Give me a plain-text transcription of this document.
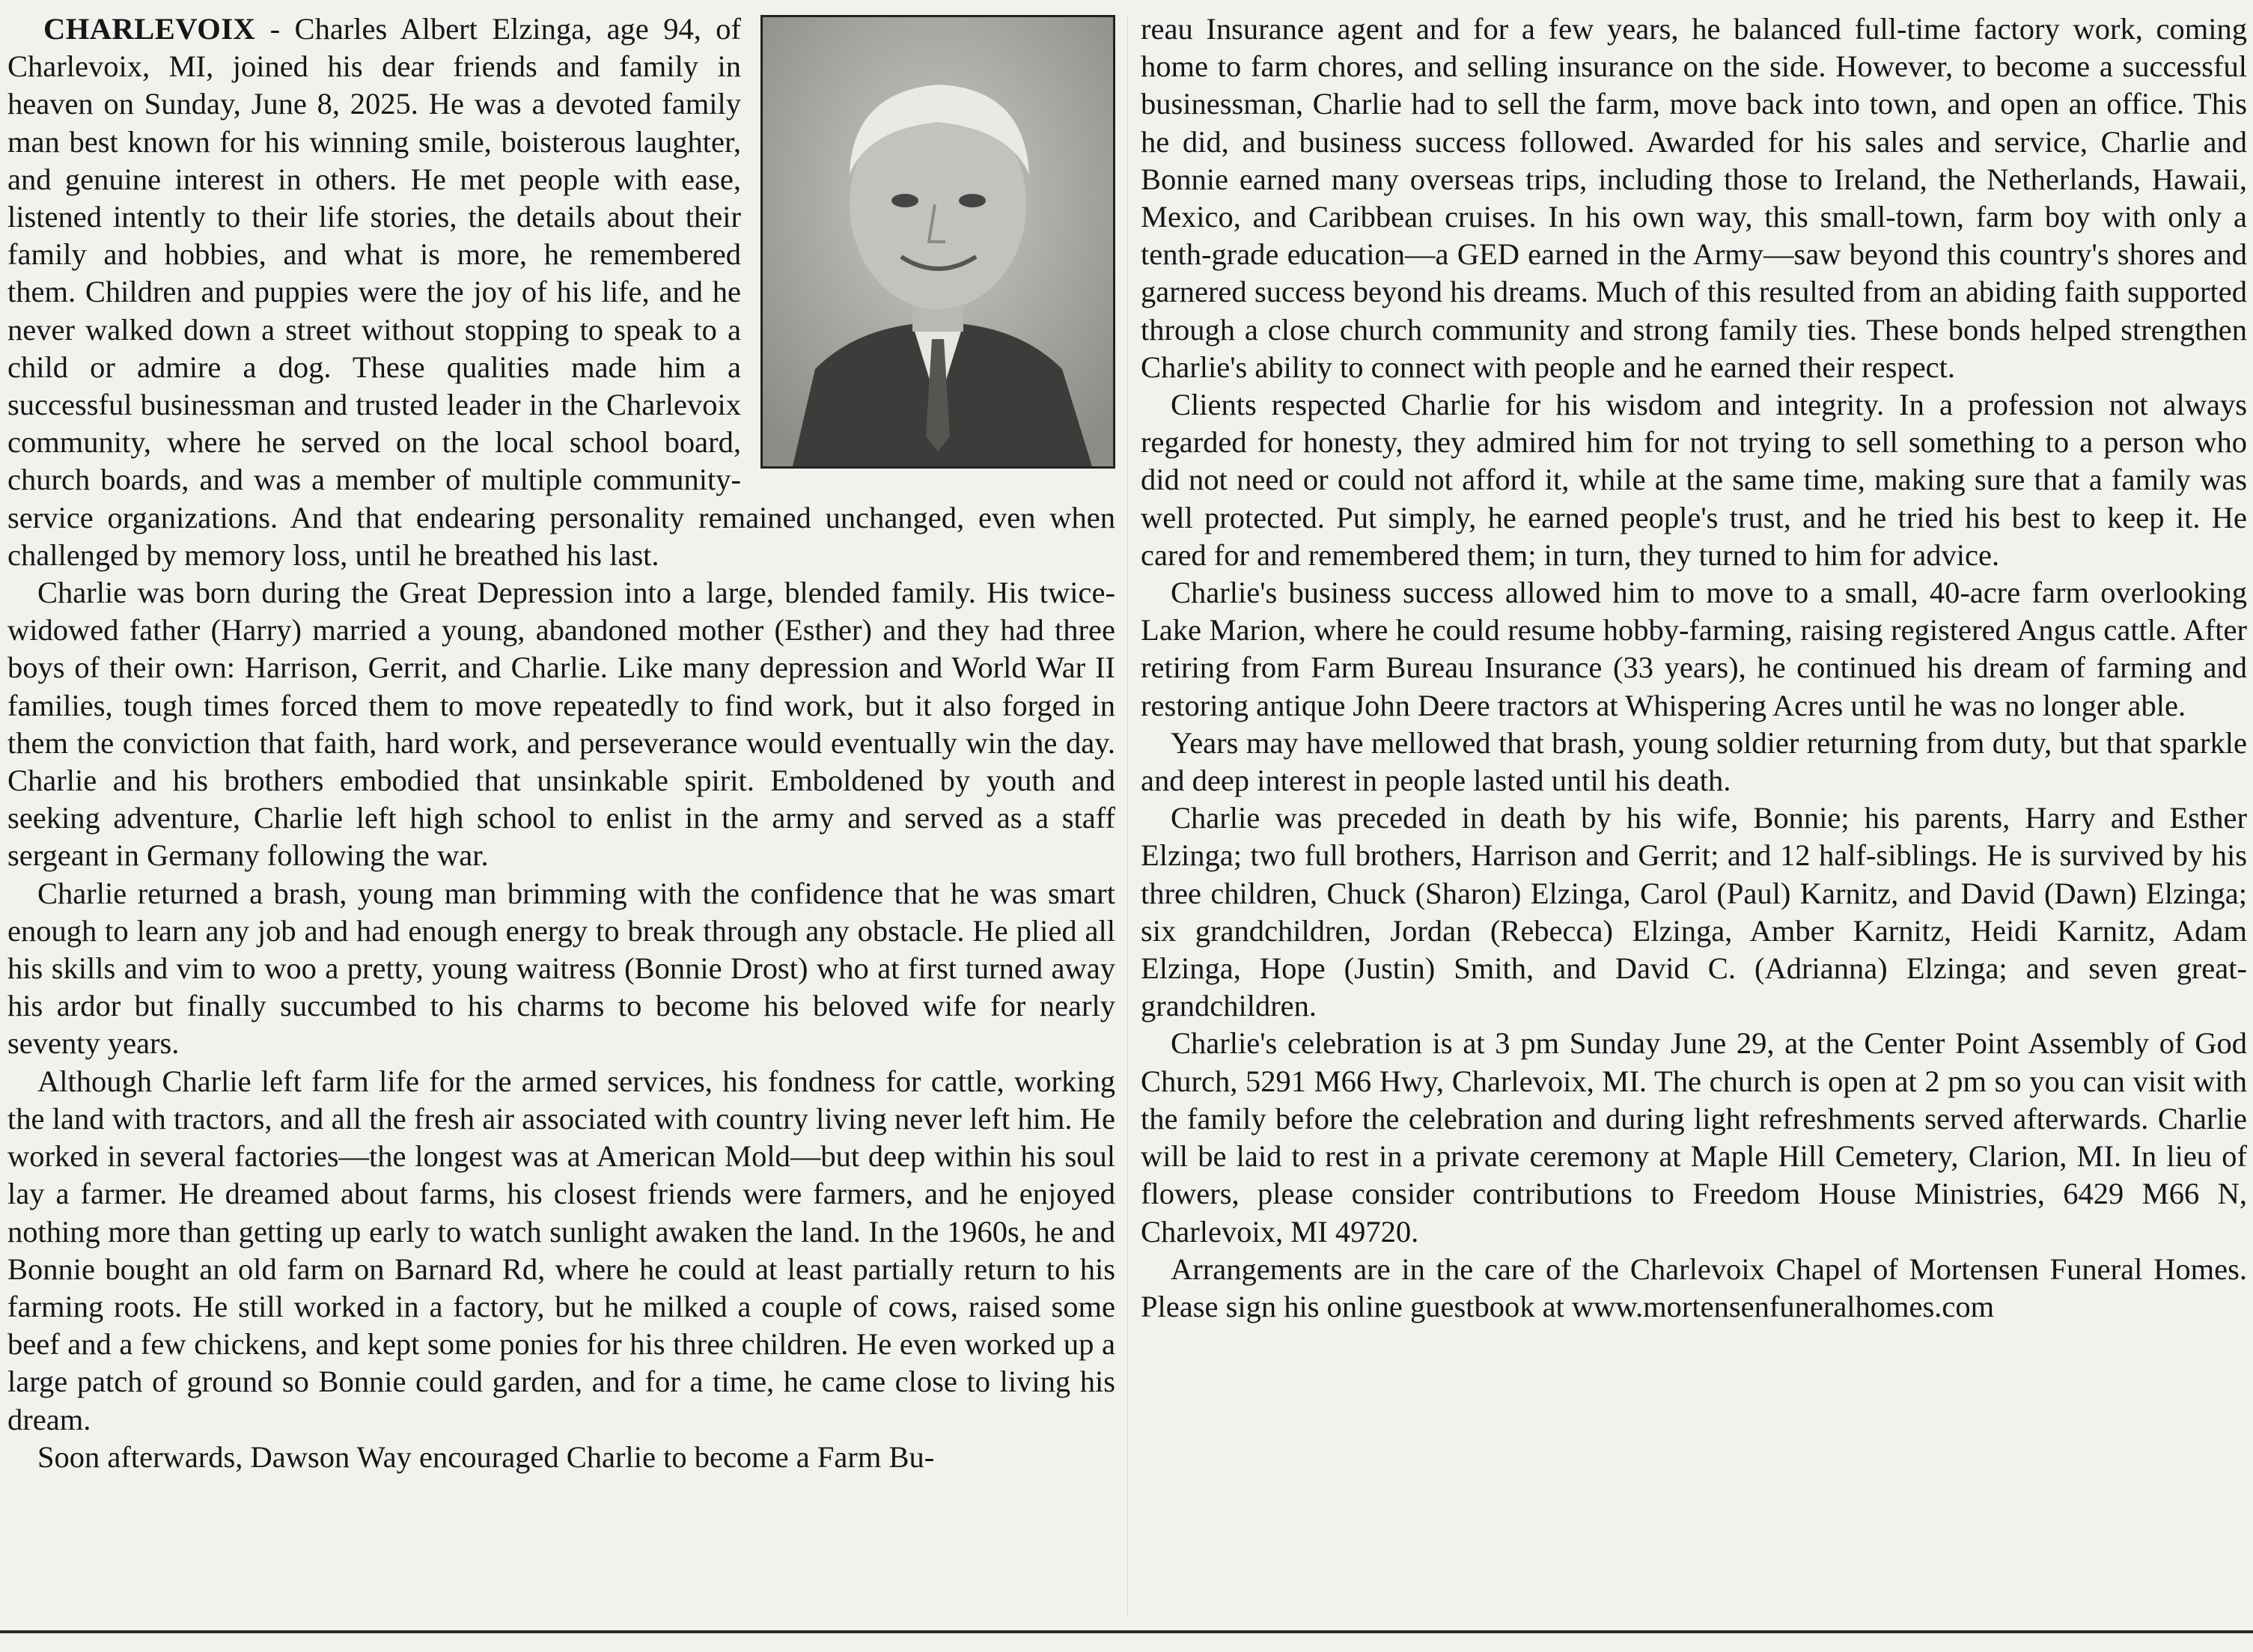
CHARLEVOIX - Charles Albert Elzinga, age 94, of Charlevoix, MI, joined his dear friends and family in heaven on Sunday, June 8, 2025. He was a devoted family man best known for his winning smile, boisterous laughter, and genuine interest in others. He met people with ease, listened intently to their life stories, the details about their family and hobbies, and what is more, he remembered them. Children and puppies were the joy of his life, and he never walked down a street without stopping to speak to a child or admire a dog. These qualities made him a successful businessman and trusted leader in the Charlevoix community, where he served on the local school board, church boards, and was a member of multiple community-service organizations. And that endearing personality remained unchanged, even when challenged by memory loss, until he breathed his last.

Charlie was born during the Great Depression into a large, blended family. His twice-widowed father (Harry) married a young, abandoned mother (Esther) and they had three boys of their own: Harrison, Gerrit, and Charlie. Like many depression and World War II families, tough times forced them to move repeatedly to find work, but it also forged in them the conviction that faith, hard work, and perseverance would eventually win the day. Charlie and his brothers embodied that unsinkable spirit. Emboldened by youth and seeking adventure, Charlie left high school to enlist in the army and served as a staff sergeant in Germany following the war.

Charlie returned a brash, young man brimming with the confidence that he was smart enough to learn any job and had enough energy to break through any obstacle. He plied all his skills and vim to woo a pretty, young waitress (Bonnie Drost) who at first turned away his ardor but finally succumbed to his charms to become his beloved wife for nearly seventy years.

Although Charlie left farm life for the armed services, his fondness for cattle, working the land with tractors, and all the fresh air associated with country living never left him. He worked in several factories—the longest was at American Mold—but deep within his soul lay a farmer. He dreamed about farms, his closest friends were farmers, and he enjoyed nothing more than getting up early to watch sunlight awaken the land. In the 1960s, he and Bonnie bought an old farm on Barnard Rd, where he could at least partially return to his farming roots. He still worked in a factory, but he milked a couple of cows, raised some beef and a few chickens, and kept some ponies for his three children. He even worked up a large patch of ground so Bonnie could garden, and for a time, he came close to living his dream.

Soon afterwards, Dawson Way encouraged Charlie to become a Farm Bu-

reau Insurance agent and for a few years, he balanced full-time factory work, coming home to farm chores, and selling insurance on the side. However, to become a successful businessman, Charlie had to sell the farm, move back into town, and open an office. This he did, and business success followed. Awarded for his sales and service, Charlie and Bonnie earned many overseas trips, including those to Ireland, the Netherlands, Hawaii, Mexico, and Caribbean cruises. In his own way, this small-town, farm boy with only a tenth-grade education—a GED earned in the Army—saw beyond this country's shores and garnered success beyond his dreams. Much of this resulted from an abiding faith supported through a close church community and strong family ties. These bonds helped strengthen Charlie's ability to connect with people and he earned their respect.

Clients respected Charlie for his wisdom and integrity. In a profession not always regarded for honesty, they admired him for not trying to sell something to a person who did not need or could not afford it, while at the same time, making sure that a family was well protected. Put simply, he earned people's trust, and he tried his best to keep it. He cared for and remembered them; in turn, they turned to him for advice.

Charlie's business success allowed him to move to a small, 40-acre farm overlooking Lake Marion, where he could resume hobby-farming, raising registered Angus cattle. After retiring from Farm Bureau Insurance (33 years), he continued his dream of farming and restoring antique John Deere tractors at Whispering Acres until he was no longer able.

Years may have mellowed that brash, young soldier returning from duty, but that sparkle and deep interest in people lasted until his death.

Charlie was preceded in death by his wife, Bonnie; his parents, Harry and Esther Elzinga; two full brothers, Harrison and Gerrit; and 12 half-siblings. He is survived by his three children, Chuck (Sharon) Elzinga, Carol (Paul) Karnitz, and David (Dawn) Elzinga; six grandchildren, Jordan (Rebecca) Elzinga, Amber Karnitz, Heidi Karnitz, Adam Elzinga, Hope (Justin) Smith, and David C. (Adrianna) Elzinga; and seven great-grandchildren.

Charlie's celebration is at 3 pm Sunday June 29, at the Center Point Assembly of God Church, 5291 M66 Hwy, Charlevoix, MI. The church is open at 2 pm so you can visit with the family before the celebration and during light refreshments served afterwards. Charlie will be laid to rest in a private ceremony at Maple Hill Cemetery, Clarion, MI. In lieu of flowers, please consider contributions to Freedom House Ministries, 6429 M66 N, Charlevoix, MI 49720.

Arrangements are in the care of the Charlevoix Chapel of Mortensen Funeral Homes. Please sign his online guestbook at www.mortensenfuneralhomes.com
